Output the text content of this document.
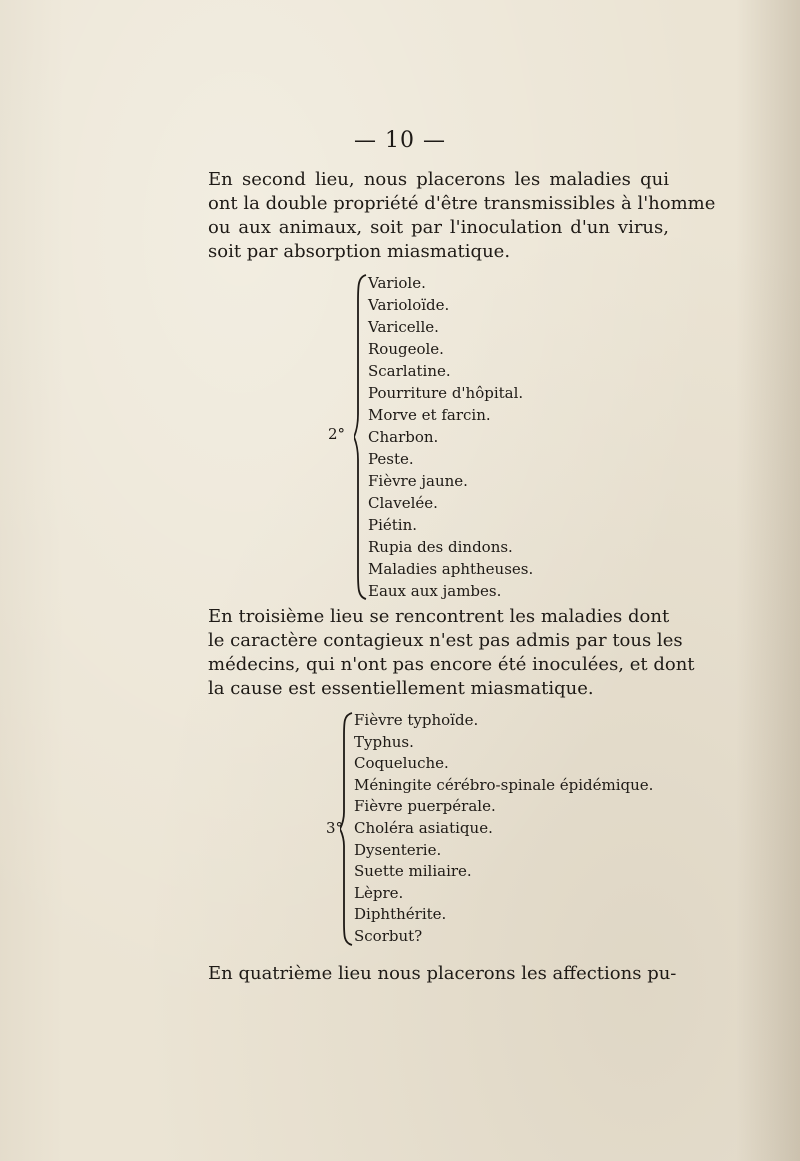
— 10 —

En second lieu, nous placerons les maladies qui
ont la double propriété d'être transmissibles à l'homme
ou aux animaux, soit par l'inoculation d'un virus,
soit par absorption miasmatique.

2°
Variole.
Varioloïde.
Varicelle.
Rougeole.
Scarlatine.
Pourriture d'hôpital.
Morve et farcin.
Charbon.
Peste.
Fièvre jaune.
Clavelée.
Piétin.
Rupia des dindons.
Maladies aphtheuses.
Eaux aux jambes.

En troisième lieu se rencontrent les maladies dont
le caractère contagieux n'est pas admis par tous les
médecins, qui n'ont pas encore été inoculées, et dont
la cause est essentiellement miasmatique.

3°
Fièvre typhoïde.
Typhus.
Coqueluche.
Méningite cérébro-spinale épidémique.
Fièvre puerpérale.
Choléra asiatique.
Dysenterie.
Suette miliaire.
Lèpre.
Diphthérite.
Scorbut?

En quatrième lieu nous placerons les affections pu-
